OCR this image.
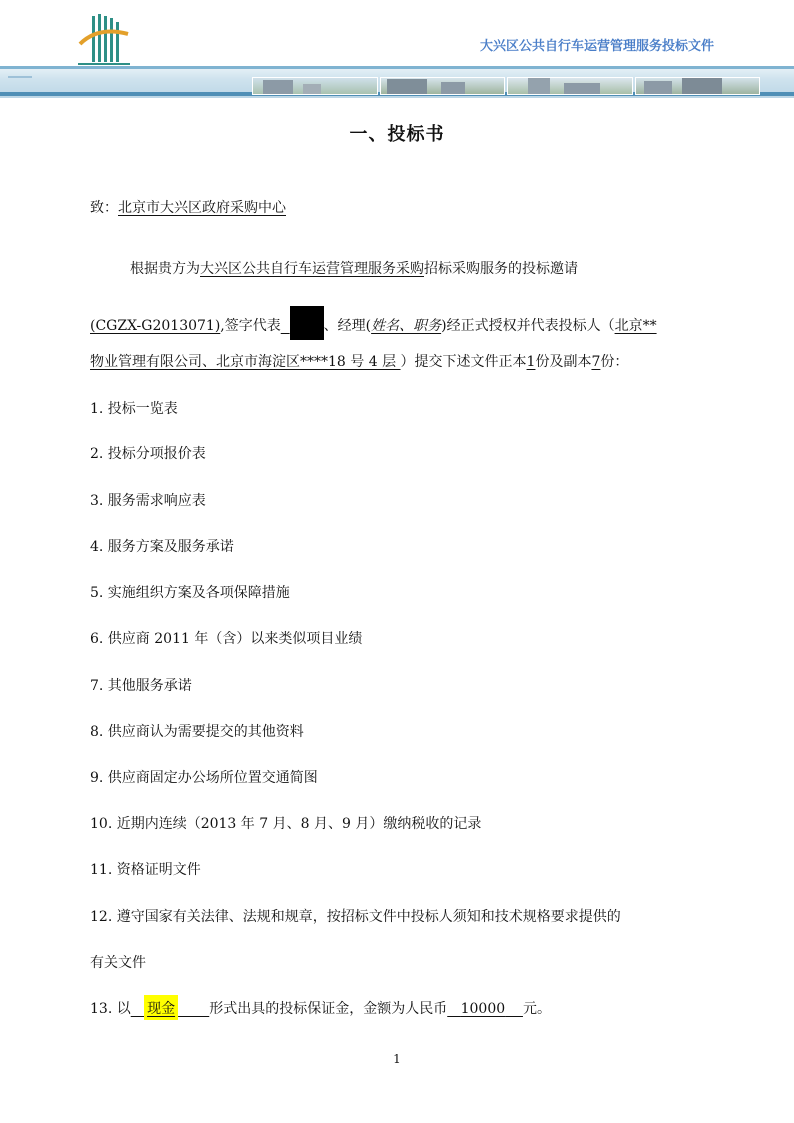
大兴区公共自行车运营管理服务投标文件
一、投标书
致：北京市大兴区政府采购中心
根据贵方为大兴区公共自行车运营管理服务采购招标采购服务的投标邀请
(CGZX-G2013071),签字代表	、经理(姓名、职务)经正式授权并代表投标人（北京**
物业管理有限公司、北京市海淀区****18 号 4 层 ）提交下述文件正本1份及副本7份：
1. 投标一览表
2. 投标分项报价表
3. 服务需求响应表
4. 服务方案及服务承诺
5. 实施组织方案及各项保障措施
6. 供应商 2011 年（含）以来类似项目业绩
7. 其他服务承诺
8. 供应商认为需要提交的其他资料
9. 供应商固定办公场所位置交通简图
10. 近期内连续（2013 年 7 月、8 月、9 月）缴纳税收的记录
11. 资格证明文件
12. 遵守国家有关法律、法规和规章，按招标文件中投标人须知和技术规格要求提供的
有关文件
13. 以 现金 形式出具的投标保证金，金额为人民币 10000 元。
1
